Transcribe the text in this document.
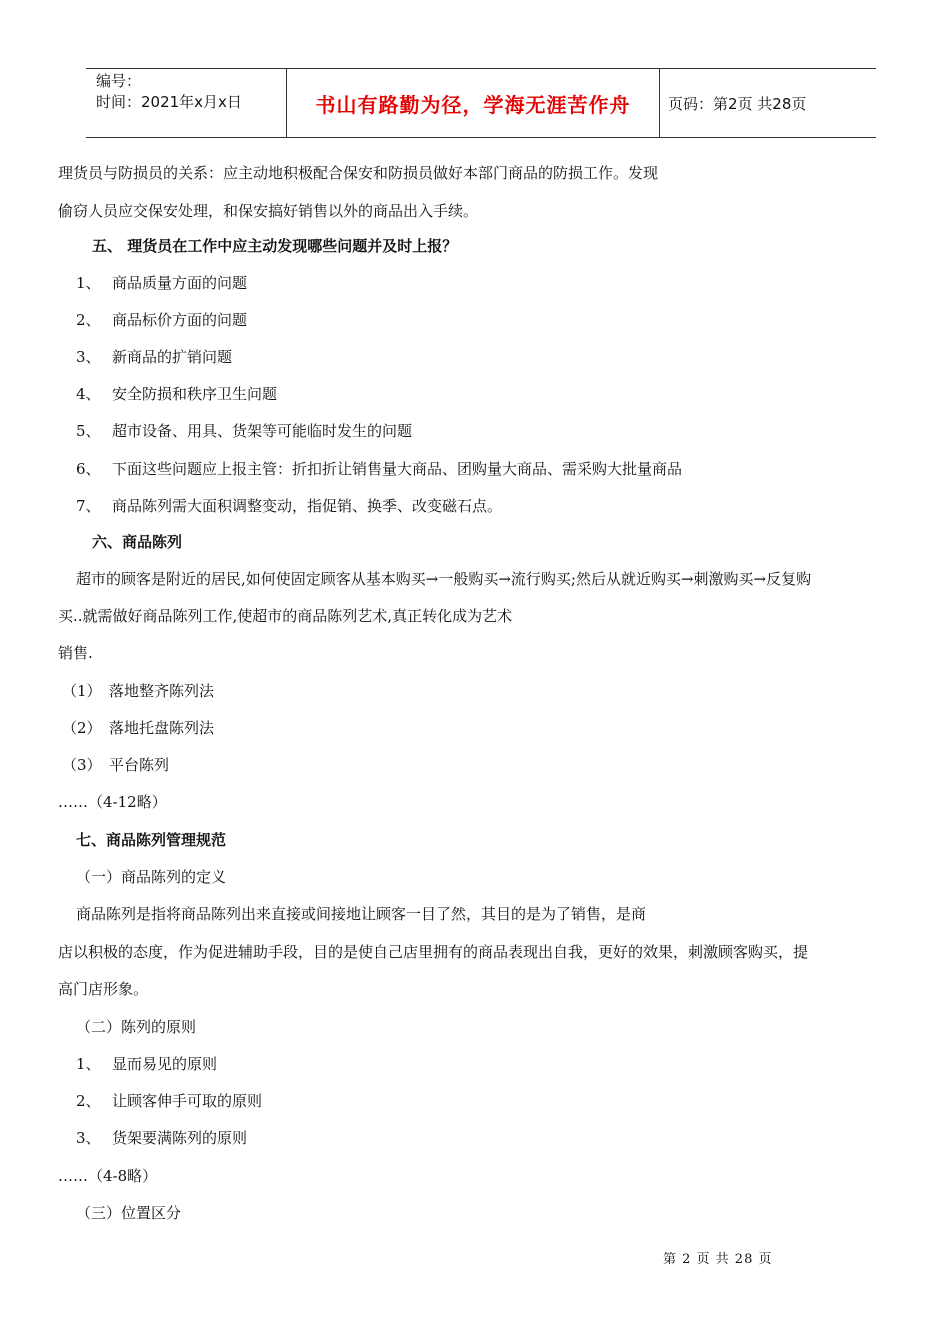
编号：
时间：2021年x月x日	书山有路勤为径，学海无涯苦作舟	页码：第2页 共28页
理货员与防损员的关系：应主动地积极配合保安和防损员做好本部门商品的防损工作。发现
偷窃人员应交保安处理，和保安搞好销售以外的商品出入手续。
五、 理货员在工作中应主动发现哪些问题并及时上报？
1、 商品质量方面的问题
2、 商品标价方面的问题
3、 新商品的扩销问题
4、 安全防损和秩序卫生问题
5、 超市设备、用具、货架等可能临时发生的问题
6、 下面这些问题应上报主管：折扣折让销售量大商品、团购量大商品、需采购大批量商品
7、 商品陈列需大面积调整变动，指促销、换季、改变磁石点。
六、商品陈列
超市的顾客是附近的居民,如何使固定顾客从基本购买→一般购买→流行购买;然后从就近购买→刺激购买→反复购
买..就需做好商品陈列工作,使超市的商品陈列艺术,真正转化成为艺术
销售.
（1） 落地整齐陈列法
（2） 落地托盘陈列法
（3） 平台陈列
……（4-12略）
七、商品陈列管理规范
（一）商品陈列的定义
商品陈列是指将商品陈列出来直接或间接地让顾客一目了然，其目的是为了销售，是商
店以积极的态度，作为促进辅助手段，目的是使自己店里拥有的商品表现出自我，更好的效果，刺激顾客购买，提
高门店形象。
（二）陈列的原则
1、 显而易见的原则
2、 让顾客伸手可取的原则
3、 货架要满陈列的原则
……（4-8略）
（三）位置区分
第 2 页 共 28 页
